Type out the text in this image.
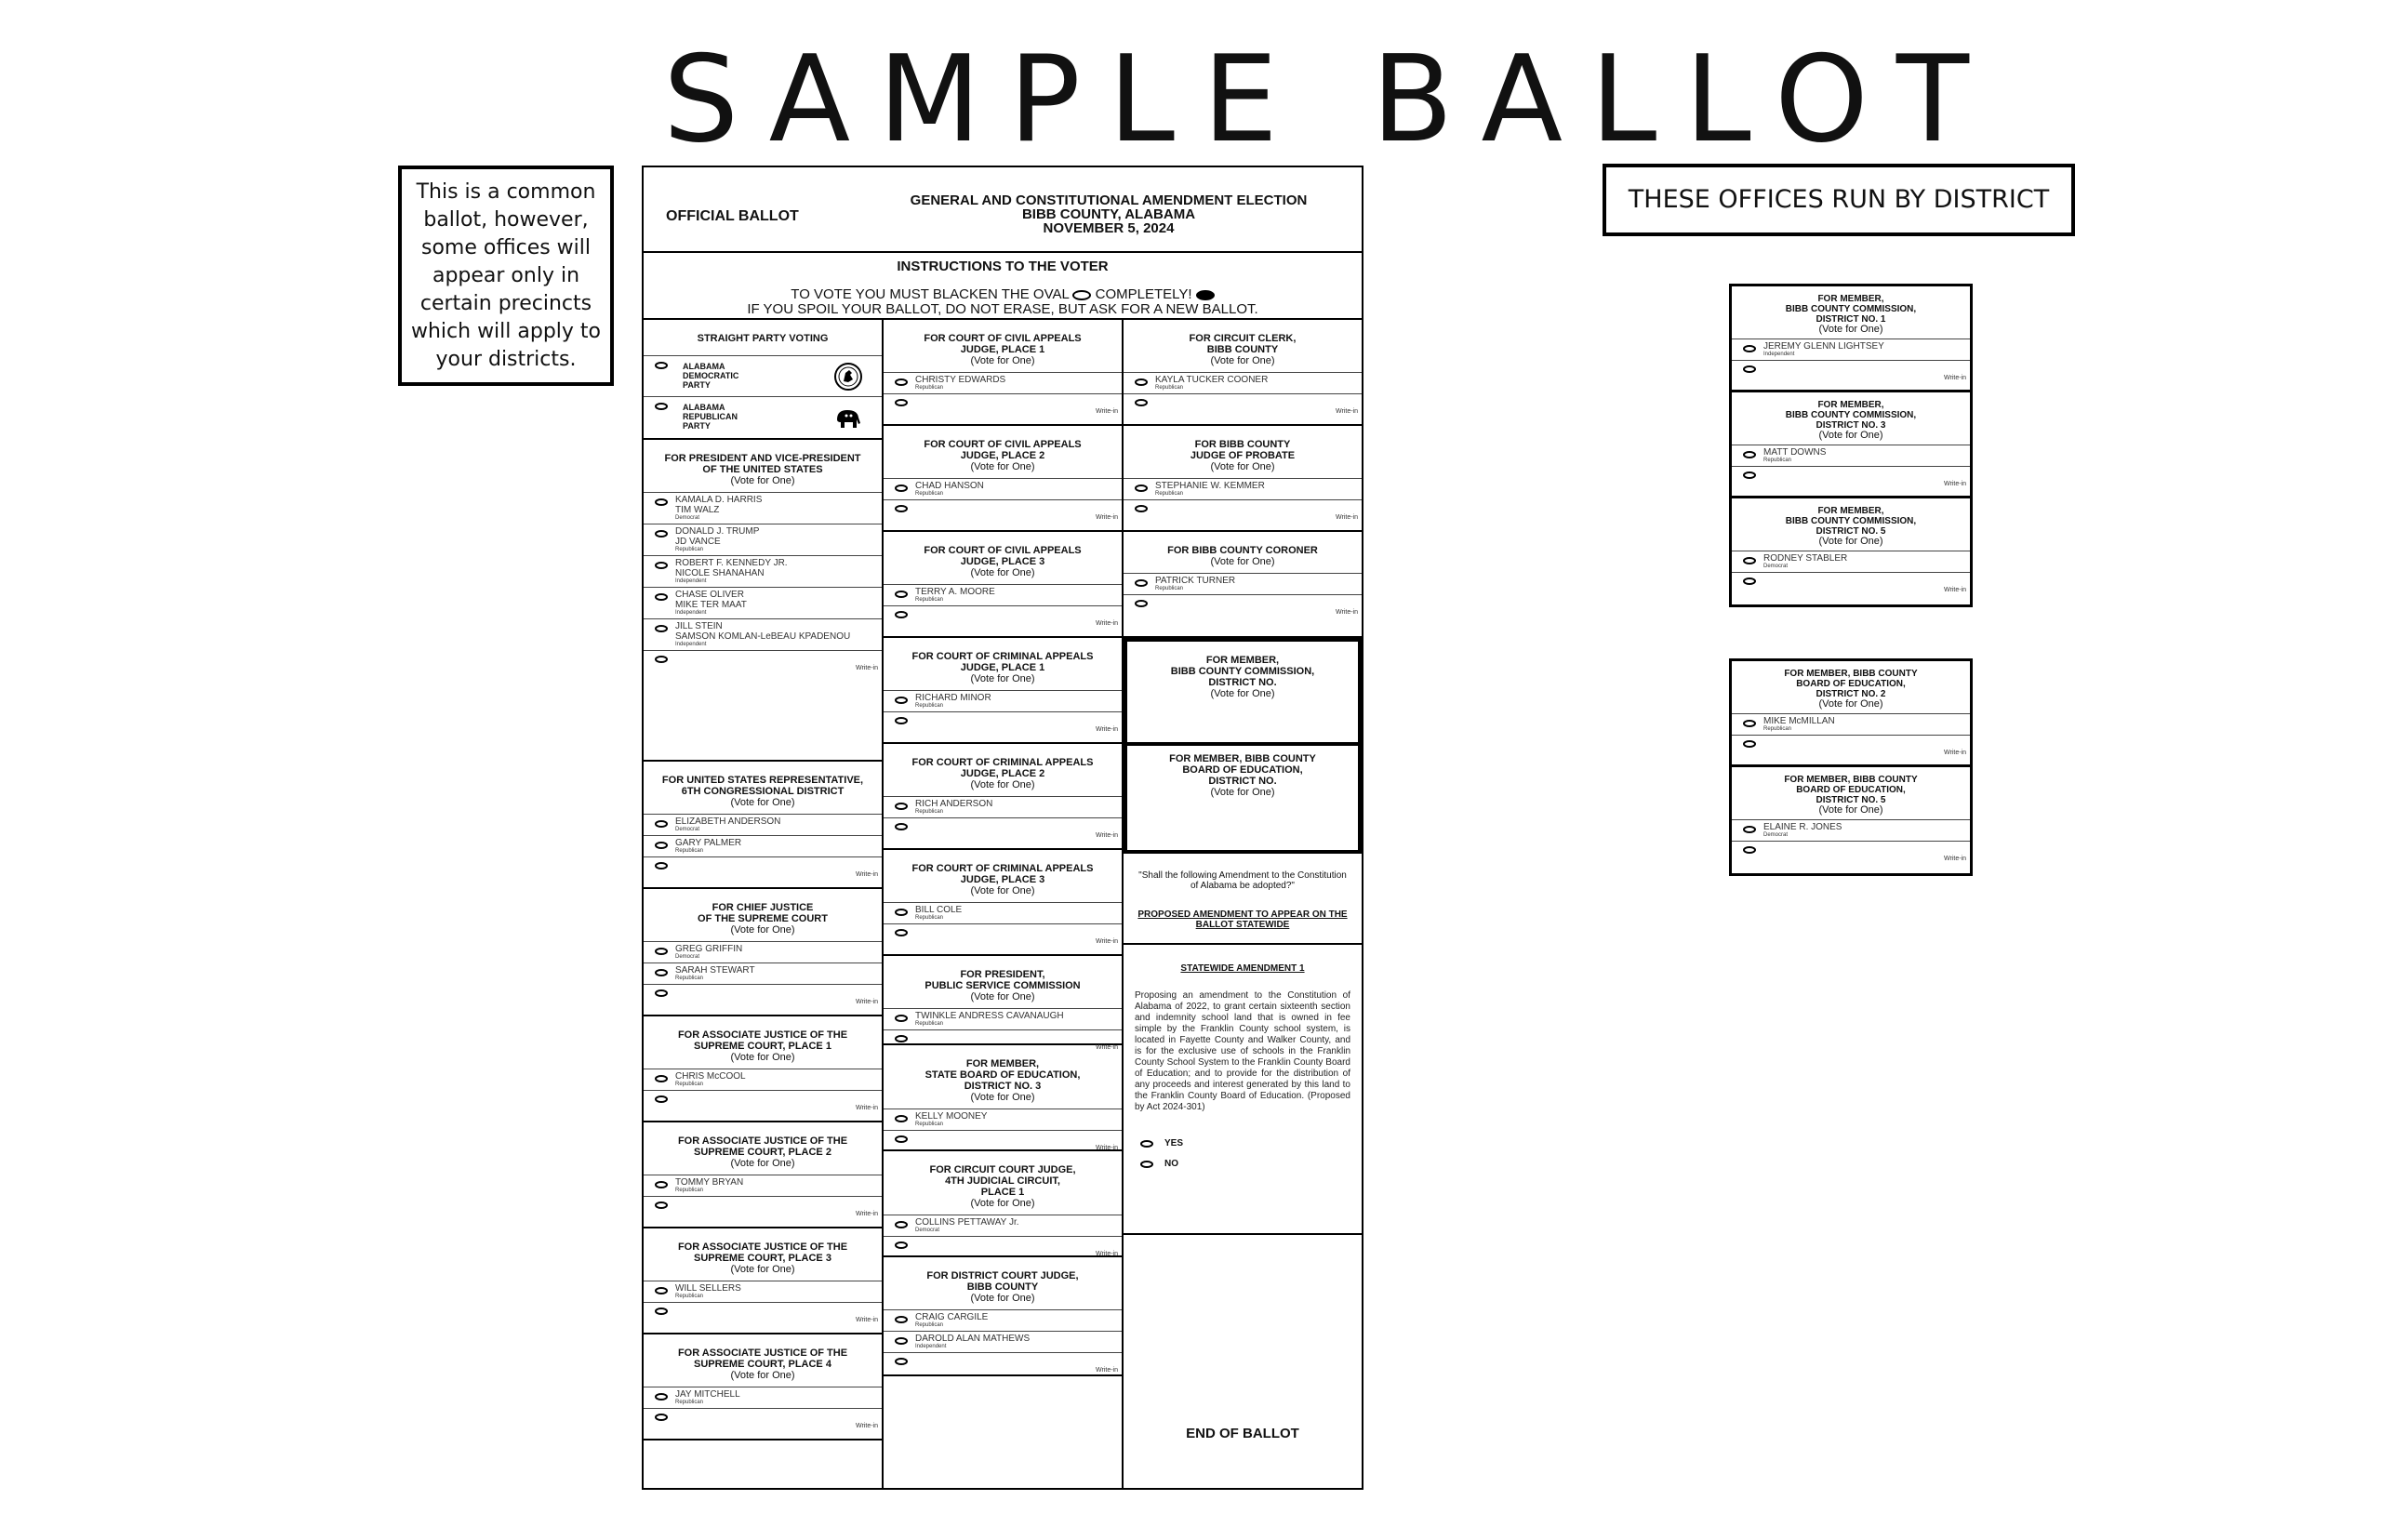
SAMPLE BALLOT
This is a common ballot, however, some offices will appear only in certain precincts which will apply to your districts.
THESE OFFICES RUN BY DISTRICT
OFFICIAL BALLOT
GENERAL AND CONSTITUTIONAL AMENDMENT ELECTION
BIBB COUNTY, ALABAMA
NOVEMBER 5, 2024
INSTRUCTIONS TO THE VOTER
TO VOTE YOU MUST BLACKEN THE OVAL COMPLETELY!
IF YOU SPOIL YOUR BALLOT, DO NOT ERASE, BUT ASK FOR A NEW BALLOT.
STRAIGHT PARTY VOTING
ALABAMA
DEMOCRATIC
PARTY
ALABAMA
REPUBLICAN
PARTY
FOR PRESIDENT AND VICE-PRESIDENT
OF THE UNITED STATES

(Vote for One)
KAMALA D. HARRIS
TIM WALZ
Democrat
DONALD J. TRUMP
JD VANCE
Republican
ROBERT F. KENNEDY JR.
NICOLE SHANAHAN
Independent
CHASE OLIVER
MIKE TER MAAT
Independent
JILL STEIN
SAMSON KOMLAN-LeBEAU KPADENOU
Independent
Write-in
FOR UNITED STATES REPRESENTATIVE,
6TH CONGRESSIONAL DISTRICT

(Vote for One)
ELIZABETH ANDERSON
Democrat
GARY PALMER
Republican
Write-in
FOR CHIEF JUSTICE
OF THE SUPREME COURT

(Vote for One)
GREG GRIFFIN
Democrat
SARAH STEWART
Republican
Write-in
FOR ASSOCIATE JUSTICE OF THE
SUPREME COURT, PLACE 1

(Vote for One)
CHRIS McCOOL
Republican
Write-in
FOR ASSOCIATE JUSTICE OF THE
SUPREME COURT, PLACE 2

(Vote for One)
TOMMY BRYAN
Republican
Write-in
FOR ASSOCIATE JUSTICE OF THE
SUPREME COURT, PLACE 3

(Vote for One)
WILL SELLERS
Republican
Write-in
FOR ASSOCIATE JUSTICE OF THE
SUPREME COURT, PLACE 4

(Vote for One)
JAY MITCHELL
Republican
Write-in
FOR COURT OF CIVIL APPEALS
JUDGE, PLACE 1

(Vote for One)
CHRISTY EDWARDS
Republican
Write-in
FOR COURT OF CIVIL APPEALS
JUDGE, PLACE 2

(Vote for One)
CHAD HANSON
Republican
Write-in
FOR COURT OF CIVIL APPEALS
JUDGE, PLACE 3

(Vote for One)
TERRY A. MOORE
Republican
Write-in
FOR COURT OF CRIMINAL APPEALS
JUDGE, PLACE 1

(Vote for One)
RICHARD MINOR
Republican
Write-in
FOR COURT OF CRIMINAL APPEALS
JUDGE, PLACE 2

(Vote for One)
RICH ANDERSON
Republican
Write-in
FOR COURT OF CRIMINAL APPEALS
JUDGE, PLACE 3

(Vote for One)
BILL COLE
Republican
Write-in
FOR PRESIDENT,
PUBLIC SERVICE COMMISSION

(Vote for One)
TWINKLE ANDRESS CAVANAUGH
Republican
Write-in
FOR MEMBER,
STATE BOARD OF EDUCATION,
DISTRICT NO. 3

(Vote for One)
KELLY MOONEY
Republican
Write-in
FOR CIRCUIT COURT JUDGE,
4TH JUDICIAL CIRCUIT,
PLACE 1

(Vote for One)
COLLINS PETTAWAY Jr.
Democrat
Write-in
FOR DISTRICT COURT JUDGE,
BIBB COUNTY

(Vote for One)
CRAIG CARGILE
Republican
DAROLD ALAN MATHEWS
Independent
Write-in
FOR CIRCUIT CLERK,
BIBB COUNTY

(Vote for One)
KAYLA TUCKER COONER
Republican
Write-in
FOR BIBB COUNTY
JUDGE OF PROBATE

(Vote for One)
STEPHANIE W. KEMMER
Republican
Write-in
FOR BIBB COUNTY CORONER

(Vote for One)
PATRICK TURNER
Republican
Write-in
FOR MEMBER,
BIBB COUNTY COMMISSION,
DISTRICT NO.
(Vote for One)
FOR MEMBER, BIBB COUNTY
BOARD OF EDUCATION,
DISTRICT NO.
(Vote for One)
"Shall the following Amendment to the Constitution of Alabama be adopted?"
PROPOSED AMENDMENT TO APPEAR ON THE BALLOT STATEWIDE
STATEWIDE AMENDMENT 1
Proposing an amendment to the Constitution of Alabama of 2022, to grant certain sixteenth section and indemnity school land that is owned in fee simple by the Franklin County school system, is located in Fayette County and Walker County, and is for the exclusive use of schools in the Franklin County School System to the Franklin County Board of Education; and to provide for the distribution of any proceeds and interest generated by this land to the Franklin County Board of Education. (Proposed by Act 2024-301)
YES
NO
END OF BALLOT
FOR MEMBER,
BIBB COUNTY COMMISSION,
DISTRICT NO. 1

(Vote for One)
JEREMY GLENN LIGHTSEY
Independent
Write-in
FOR MEMBER,
BIBB COUNTY COMMISSION,
DISTRICT NO. 3

(Vote for One)
MATT DOWNS
Republican
Write-in
FOR MEMBER,
BIBB COUNTY COMMISSION,
DISTRICT NO. 5

(Vote for One)
RODNEY STABLER
Democrat
Write-in
FOR MEMBER, BIBB COUNTY
BOARD OF EDUCATION,
DISTRICT NO. 2

(Vote for One)
MIKE McMILLAN
Republican
Write-in
FOR MEMBER, BIBB COUNTY
BOARD OF EDUCATION,
DISTRICT NO. 5

(Vote for One)
ELAINE R. JONES
Democrat
Write-in
